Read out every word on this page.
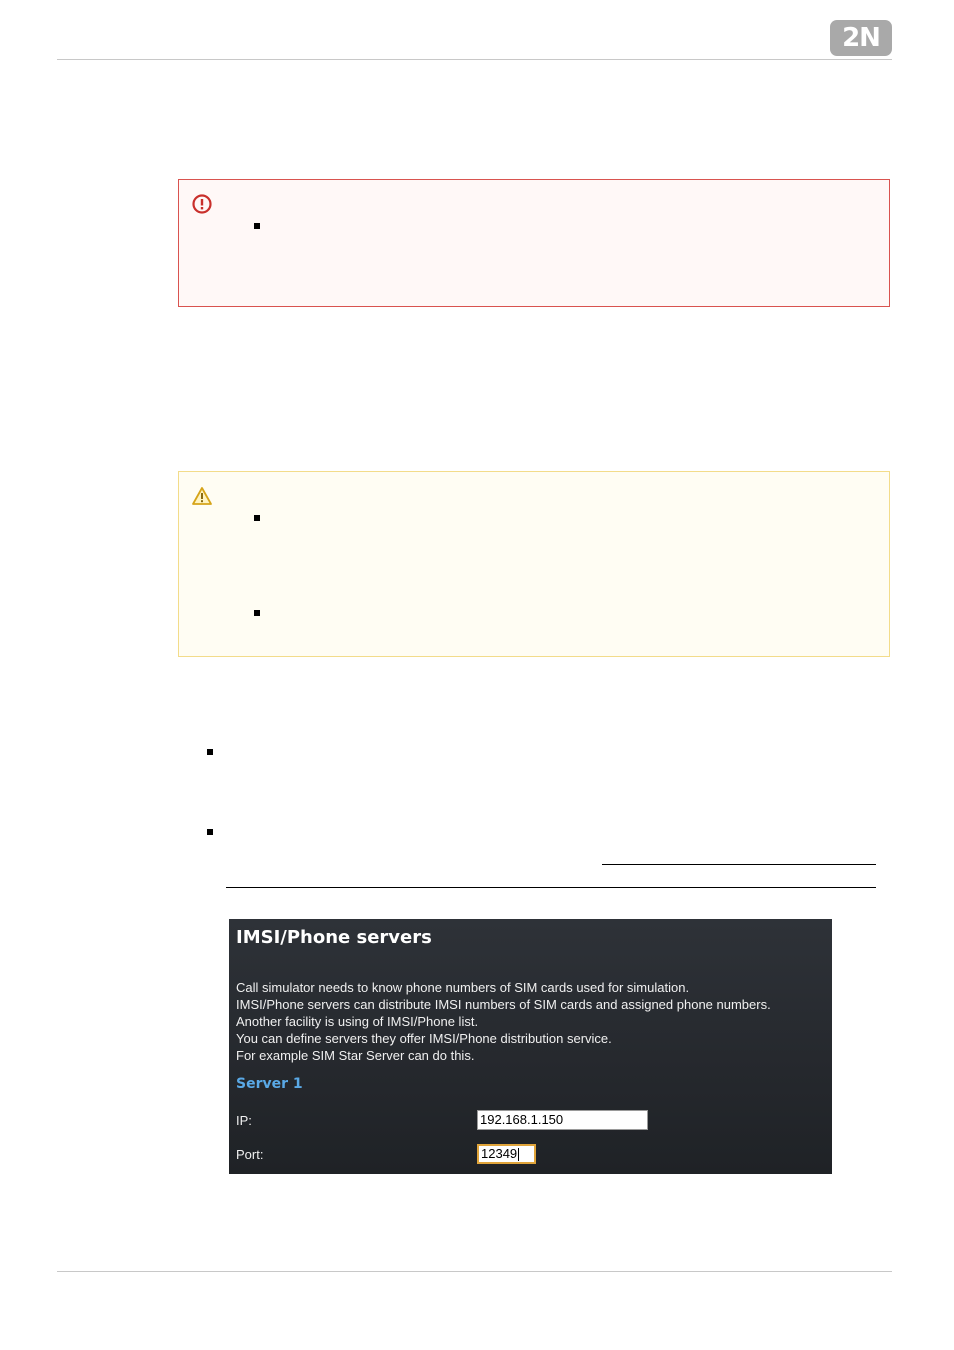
2N
IMSI/Phone servers
Call simulator needs to know phone numbers of SIM cards used for simulation.
IMSI/Phone servers can distribute IMSI numbers of SIM cards and assigned phone numbers.
Another facility is using of IMSI/Phone list.
You can define servers they offer IMSI/Phone distribution service.
For example SIM Star Server can do this.
Server 1
IP:	192.168.1.150
Port:	12349
